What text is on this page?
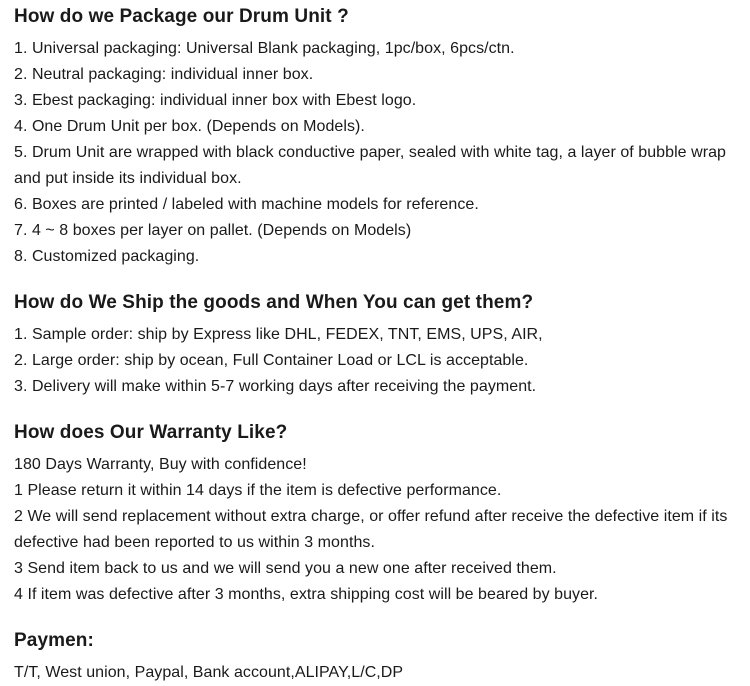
How do we Package our Drum Unit ?

1. Universal packaging: Universal Blank packaging, 1pc/box, 6pcs/ctn.

2. Neutral packaging: individual inner box.

3. Ebest packaging: individual inner box with Ebest logo.

4. One Drum Unit per box. (Depends on Models).

5. Drum Unit are wrapped with black conductive paper, sealed with white tag, a layer of bubble wrap and put inside its individual box.

6. Boxes are printed / labeled with machine models for reference.

7. 4 ~ 8 boxes per layer on pallet. (Depends on Models)

8. Customized packaging.

How do We Ship the goods and When You can get them?

1. Sample order: ship by Express like DHL, FEDEX, TNT, EMS, UPS, AIR,

2. Large order: ship by ocean, Full Container Load or LCL is acceptable.

3. Delivery will make within 5-7 working days after receiving the payment.

How does Our Warranty Like?

180 Days Warranty, Buy with confidence!

1 Please return it within 14 days if the item is defective performance.

2 We will send replacement without extra charge, or offer refund after receive the defective item if its defective had been reported to us within 3 months.

3 Send item back to us and we will send you a new one after received them.

4 If item was defective after 3 months, extra shipping cost will be beared by buyer.

Paymen:

T/T, West union, Paypal, Bank account,ALIPAY,L/C,DP
